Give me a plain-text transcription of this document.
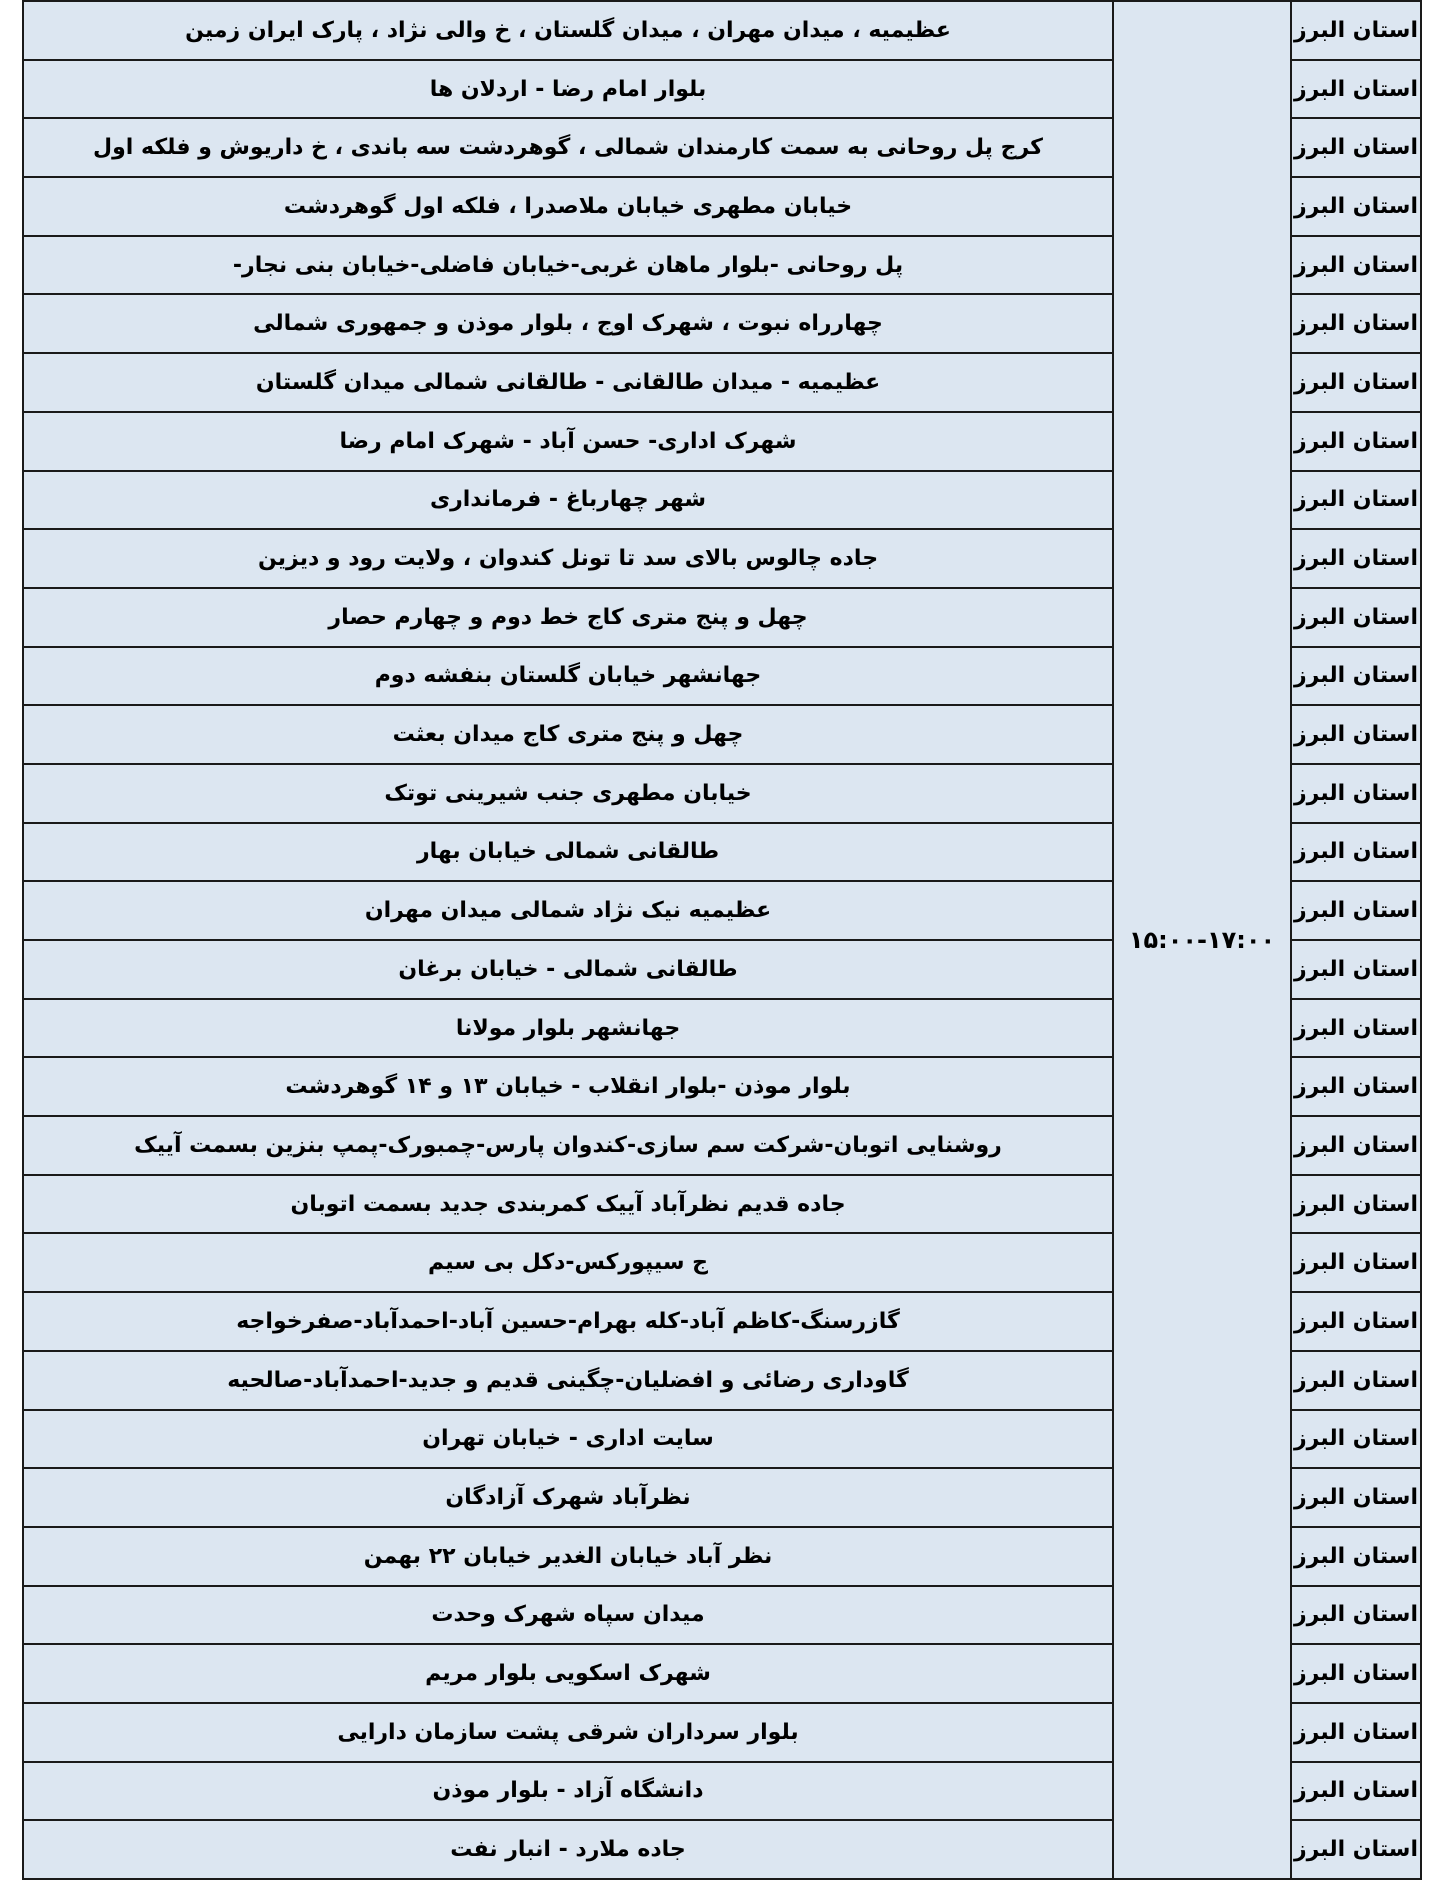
عظیمیه ، میدان مهران ، میدان گلستان ، خ والی نژاد ، پارک ایران زمین	۱۵:۰۰-۱۷:۰۰	استان البرز
بلوار امام رضا - اردلان ها		استان البرز
کرج پل روحانی به سمت کارمندان شمالی ، گوهردشت سه باندی ، خ داریوش و فلکه اول		استان البرز
خیابان مطهری خیابان ملاصدرا ، فلکه اول گوهردشت		استان البرز
پل روحانی -بلوار ماهان غربی-خیابان فاضلی-خیابان بنی نجار-		استان البرز
چهارراه نبوت ، شهرک اوج ، بلوار موذن و جمهوری شمالی		استان البرز
عظیمیه - میدان طالقانی - طالقانی شمالی میدان گلستان		استان البرز
شهرک اداری- حسن آباد - شهرک امام رضا		استان البرز
شهر چهارباغ - فرمانداری		استان البرز
جاده چالوس بالای سد تا تونل کندوان ، ولایت رود و دیزین		استان البرز
چهل و پنج متری کاج خط دوم و چهارم حصار		استان البرز
جهانشهر خیابان گلستان بنفشه دوم		استان البرز
چهل و پنج متری کاج میدان بعثت		استان البرز
خیابان مطهری جنب شیرینی توتک		استان البرز
طالقانی شمالی خیابان بهار		استان البرز
عظیمیه نیک نژاد شمالی میدان مهران		استان البرز
طالقانی شمالی - خیابان برغان		استان البرز
جهانشهر بلوار مولانا		استان البرز
بلوار موذن -بلوار انقلاب - خیابان ۱۳ و ۱۴ گوهردشت		استان البرز
روشنایی اتوبان-شرکت سم سازی-کندوان پارس-چمبورک-پمپ بنزین بسمت آییک		استان البرز
جاده قدیم نظرآباد آییک کمربندی جدید بسمت اتوبان		استان البرز
ج سیپورکس-دکل بی سیم		استان البرز
گازرسنگ-کاظم آباد-کله بهرام-حسین آباد-احمدآباد-صفرخواجه		استان البرز
گاوداری رضائی و افضلیان-چگینی قدیم و جدید-احمدآباد-صالحیه		استان البرز
سایت اداری - خیابان تهران		استان البرز
نظرآباد شهرک آزادگان		استان البرز
نظر آباد خیابان الغدیر خیابان ۲۲ بهمن		استان البرز
میدان سپاه شهرک وحدت		استان البرز
شهرک اسکویی بلوار مریم		استان البرز
بلوار سرداران شرقی پشت سازمان دارایی		استان البرز
دانشگاه آزاد - بلوار موذن		استان البرز
جاده ملارد - انبار نفت		استان البرز
